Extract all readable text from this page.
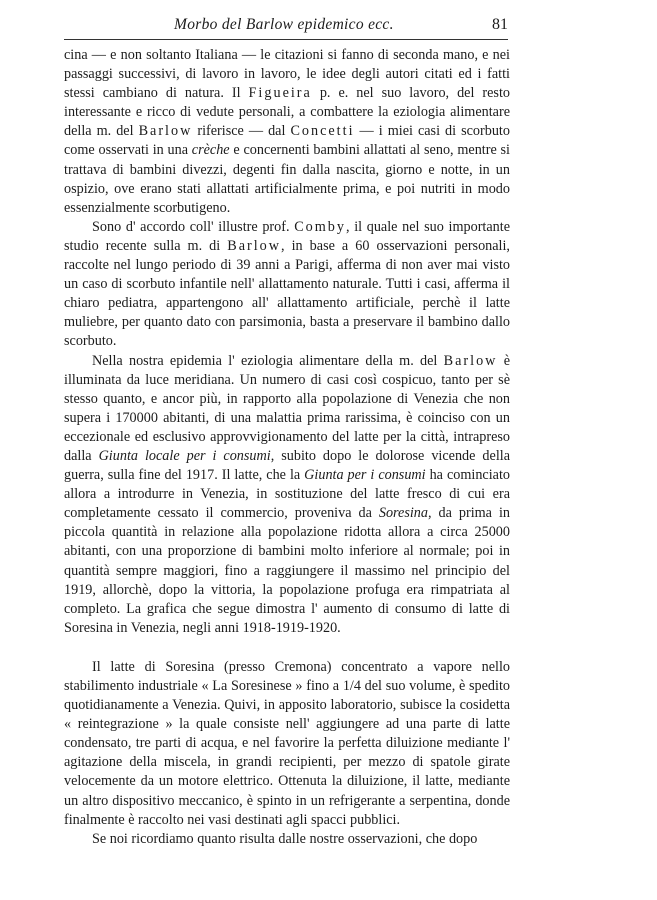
Morbo del Barlow epidemico ecc.	81

cina — e non soltanto Italiana — le citazioni si fanno di seconda mano, e nei passaggi successivi, di lavoro in lavoro, le idee degli autori citati ed i fatti stessi cambiano di natura. Il Figueira p. e. nel suo lavoro, del resto interessante e ricco di vedute personali, a combattere la eziologia alimentare della m. del Barlow riferisce — dal Concetti — i miei casi di scorbuto come osservati in una crèche e concernenti bambini allattati al seno, mentre si trattava di bambini divezzi, degenti fin dalla nascita, giorno e notte, in un ospizio, ove erano stati allattati artificialmente prima, e poi nutriti in modo essenzialmente scorbutigeno.

Sono d' accordo coll' illustre prof. Comby, il quale nel suo importante studio recente sulla m. di Barlow, in base a 60 osservazioni personali, raccolte nel lungo periodo di 39 anni a Parigi, afferma di non aver mai visto un caso di scorbuto infantile nell' allattamento naturale. Tutti i casi, afferma il chiaro pediatra, appartengono all' allattamento artificiale, perchè il latte muliebre, per quanto dato con parsimonia, basta a preservare il bambino dallo scorbuto.

Nella nostra epidemia l' eziologia alimentare della m. del Barlow è illuminata da luce meridiana. Un numero di casi così cospicuo, tanto per sè stesso quanto, e ancor più, in rapporto alla popolazione di Venezia che non supera i 170000 abitanti, di una malattia prima rarissima, è coinciso con un eccezionale ed esclusivo approvvigionamento del latte per la città, intrapreso dalla Giunta locale per i consumi, subito dopo le dolorose vicende della guerra, sulla fine del 1917. Il latte, che la Giunta per i consumi ha cominciato allora a introdurre in Venezia, in sostituzione del latte fresco di cui era completamente cessato il commercio, proveniva da Soresina, da prima in piccola quantità in relazione alla popolazione ridotta allora a circa 25000 abitanti, con una proporzione di bambini molto inferiore al normale; poi in quantità sempre maggiori, fino a raggiungere il massimo nel principio del 1919, allorchè, dopo la vittoria, la popolazione profuga era rimpatriata al completo. La grafica che segue dimostra l' aumento di consumo di latte di Soresina in Venezia, negli anni 1918-1919-1920.

Il latte di Soresina (presso Cremona) concentrato a vapore nello stabilimento industriale « La Soresinese » fino a 1/4 del suo volume, è spedito quotidianamente a Venezia. Quivi, in apposito laboratorio, subisce la cosidetta « reintegrazione » la quale consiste nell' aggiungere ad una parte di latte condensato, tre parti di acqua, e nel favorire la perfetta diluizione mediante l' agitazione della miscela, in grandi recipienti, per mezzo di spatole girate velocemente da un motore elettrico. Ottenuta la diluizione, il latte, mediante un altro dispositivo meccanico, è spinto in un refrigerante a serpentina, donde finalmente è raccolto nei vasi destinati agli spacci pubblici.

Se noi ricordiamo quanto risulta dalle nostre osservazioni, che dopo
